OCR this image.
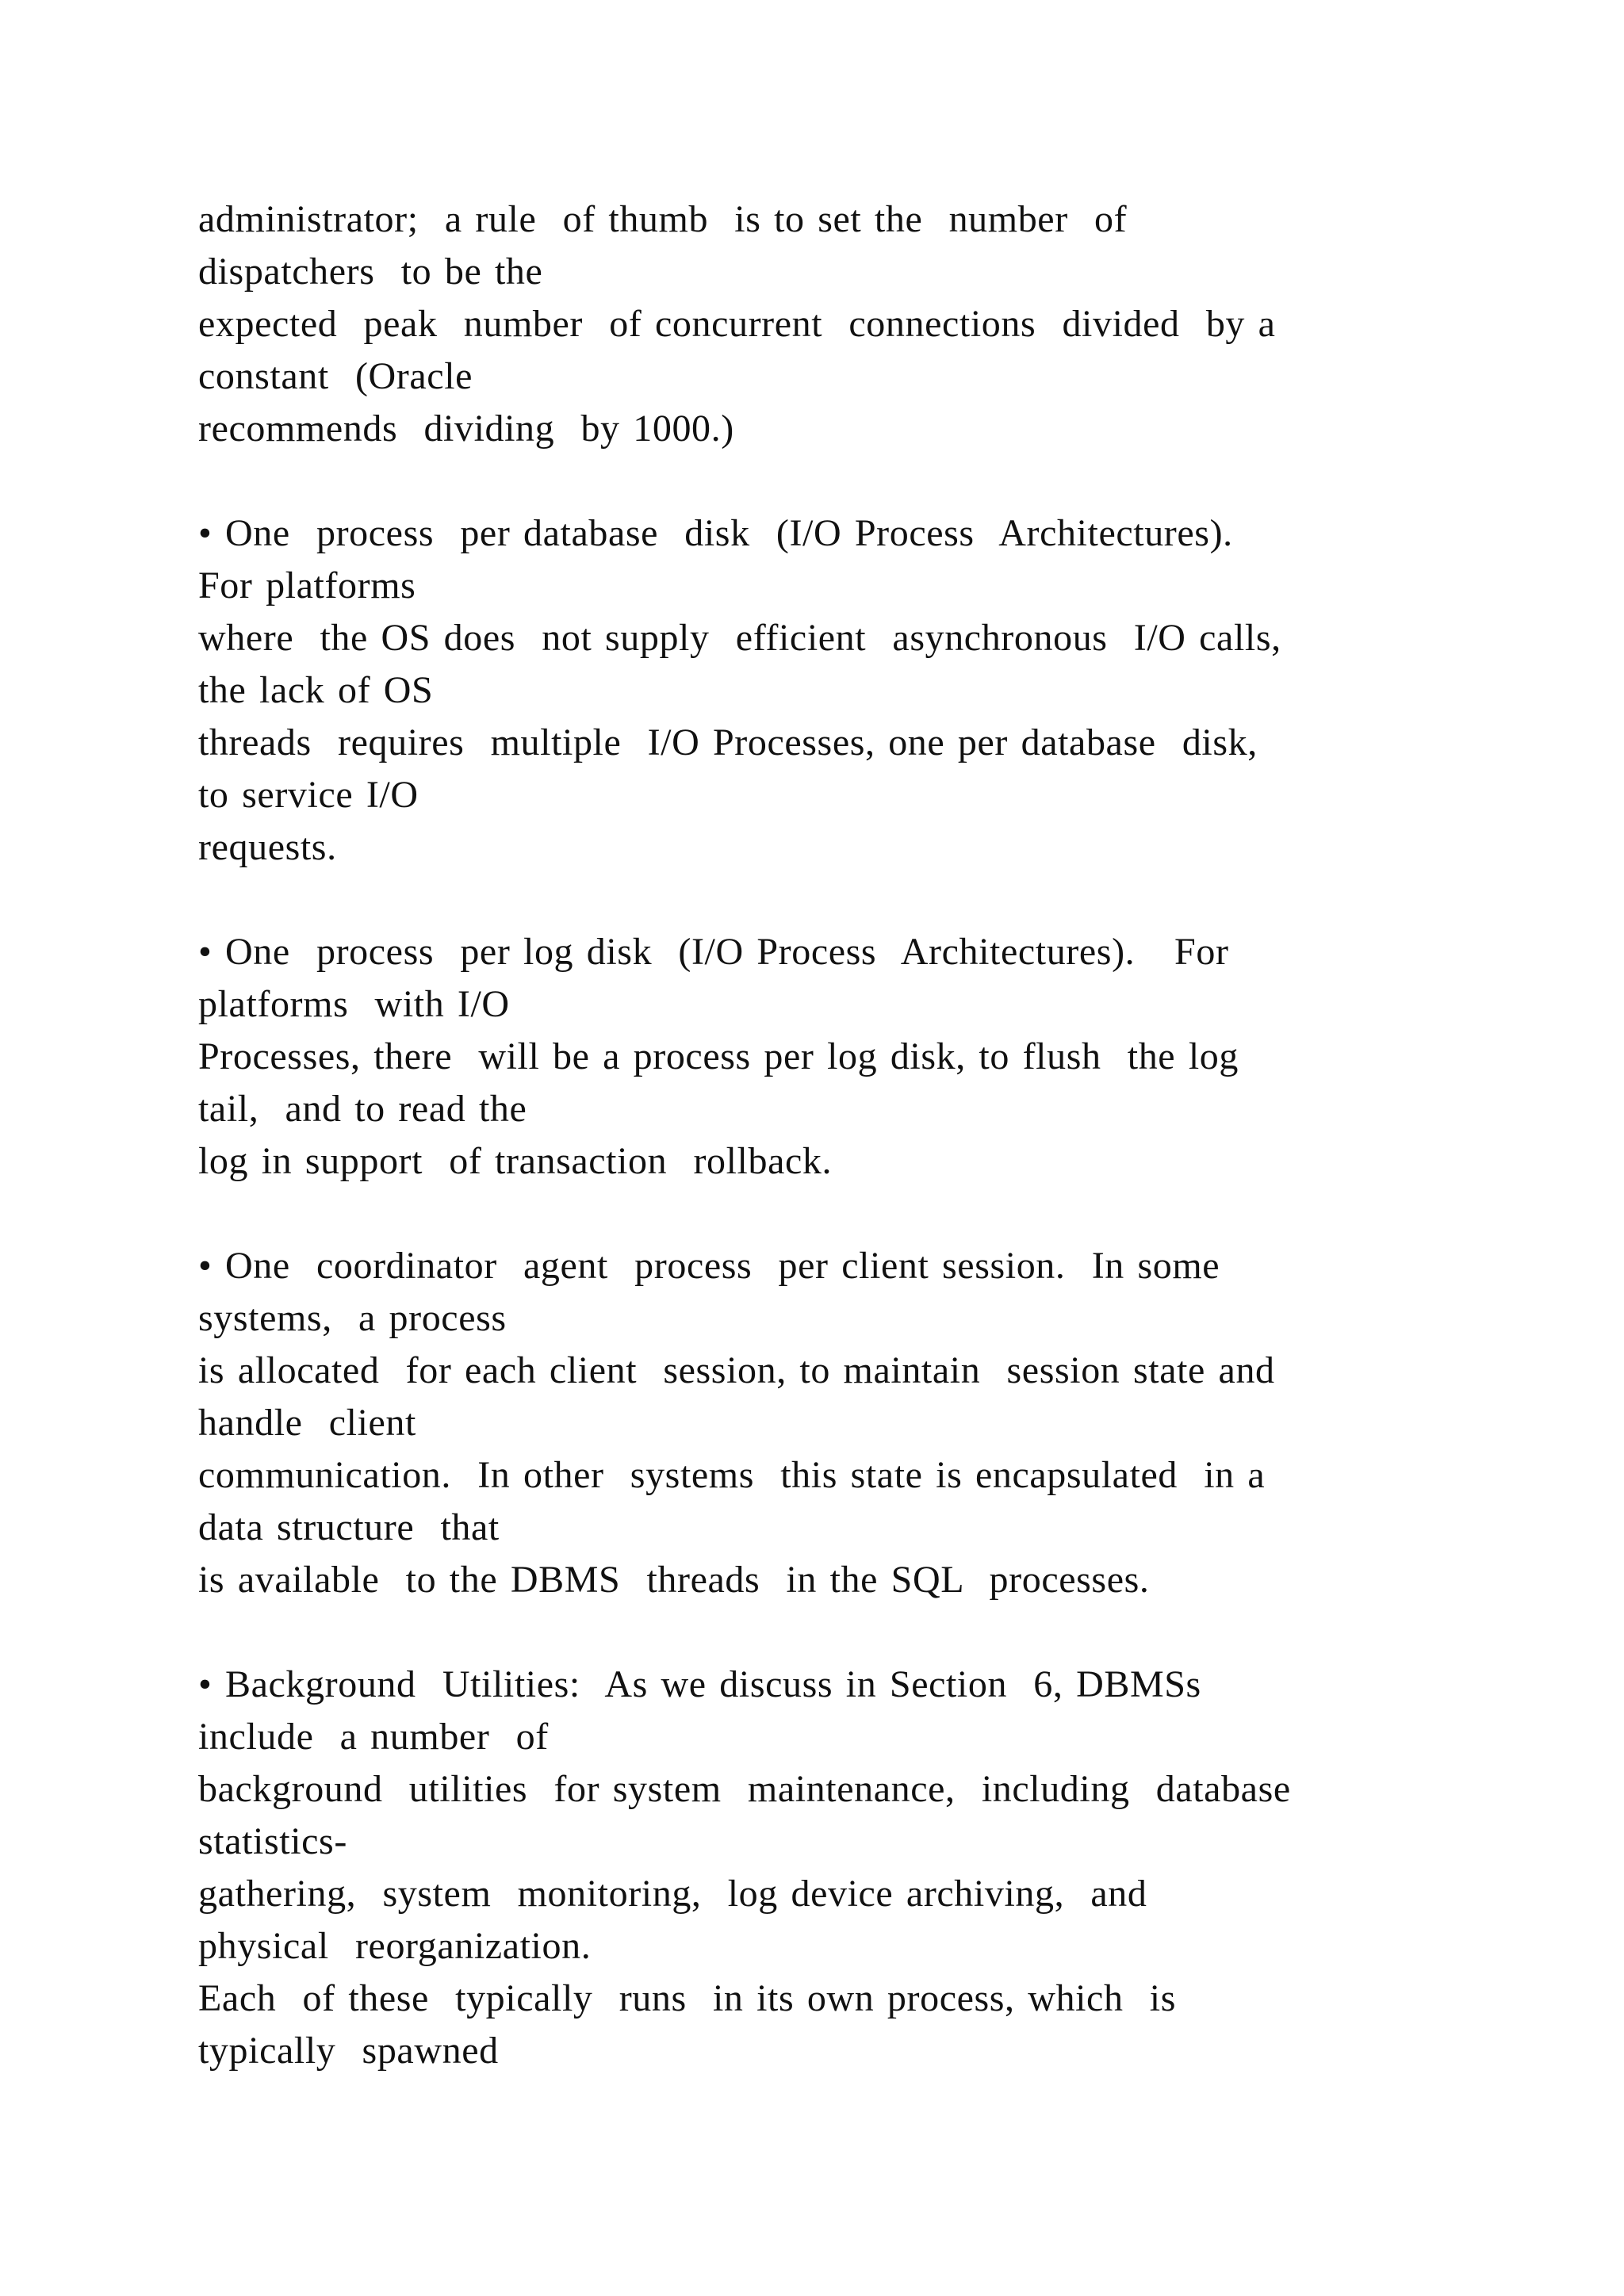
administrator;  a rule  of thumb  is to set the  number  of
dispatchers  to be the
expected  peak  number  of concurrent  connections  divided  by a
constant  (Oracle
recommends  dividing  by 1000.)
• One  process  per database  disk  (I/O Process  Architectures).
For platforms
where  the OS does  not supply  efficient  asynchronous  I/O calls,
the lack of OS
threads  requires  multiple  I/O Processes, one per database  disk,
to service I/O
requests.
• One  process  per log disk  (I/O Process  Architectures).   For
platforms  with I/O
Processes, there  will be a process per log disk, to flush  the log
tail,  and to read the
log in support  of transaction  rollback.
• One  coordinator  agent  process  per client session.  In some
systems,  a process
is allocated  for each client  session, to maintain  session state and
handle  client
communication.  In other  systems  this state is encapsulated  in a
data structure  that
is available  to the DBMS  threads  in the SQL  processes.
• Background  Utilities:  As we discuss in Section  6, DBMSs
include  a number  of
background  utilities  for system  maintenance,  including  database
statistics-
gathering,  system  monitoring,  log device archiving,  and
physical  reorganization.
Each  of these  typically  runs  in its own process, which  is
typically  spawned
